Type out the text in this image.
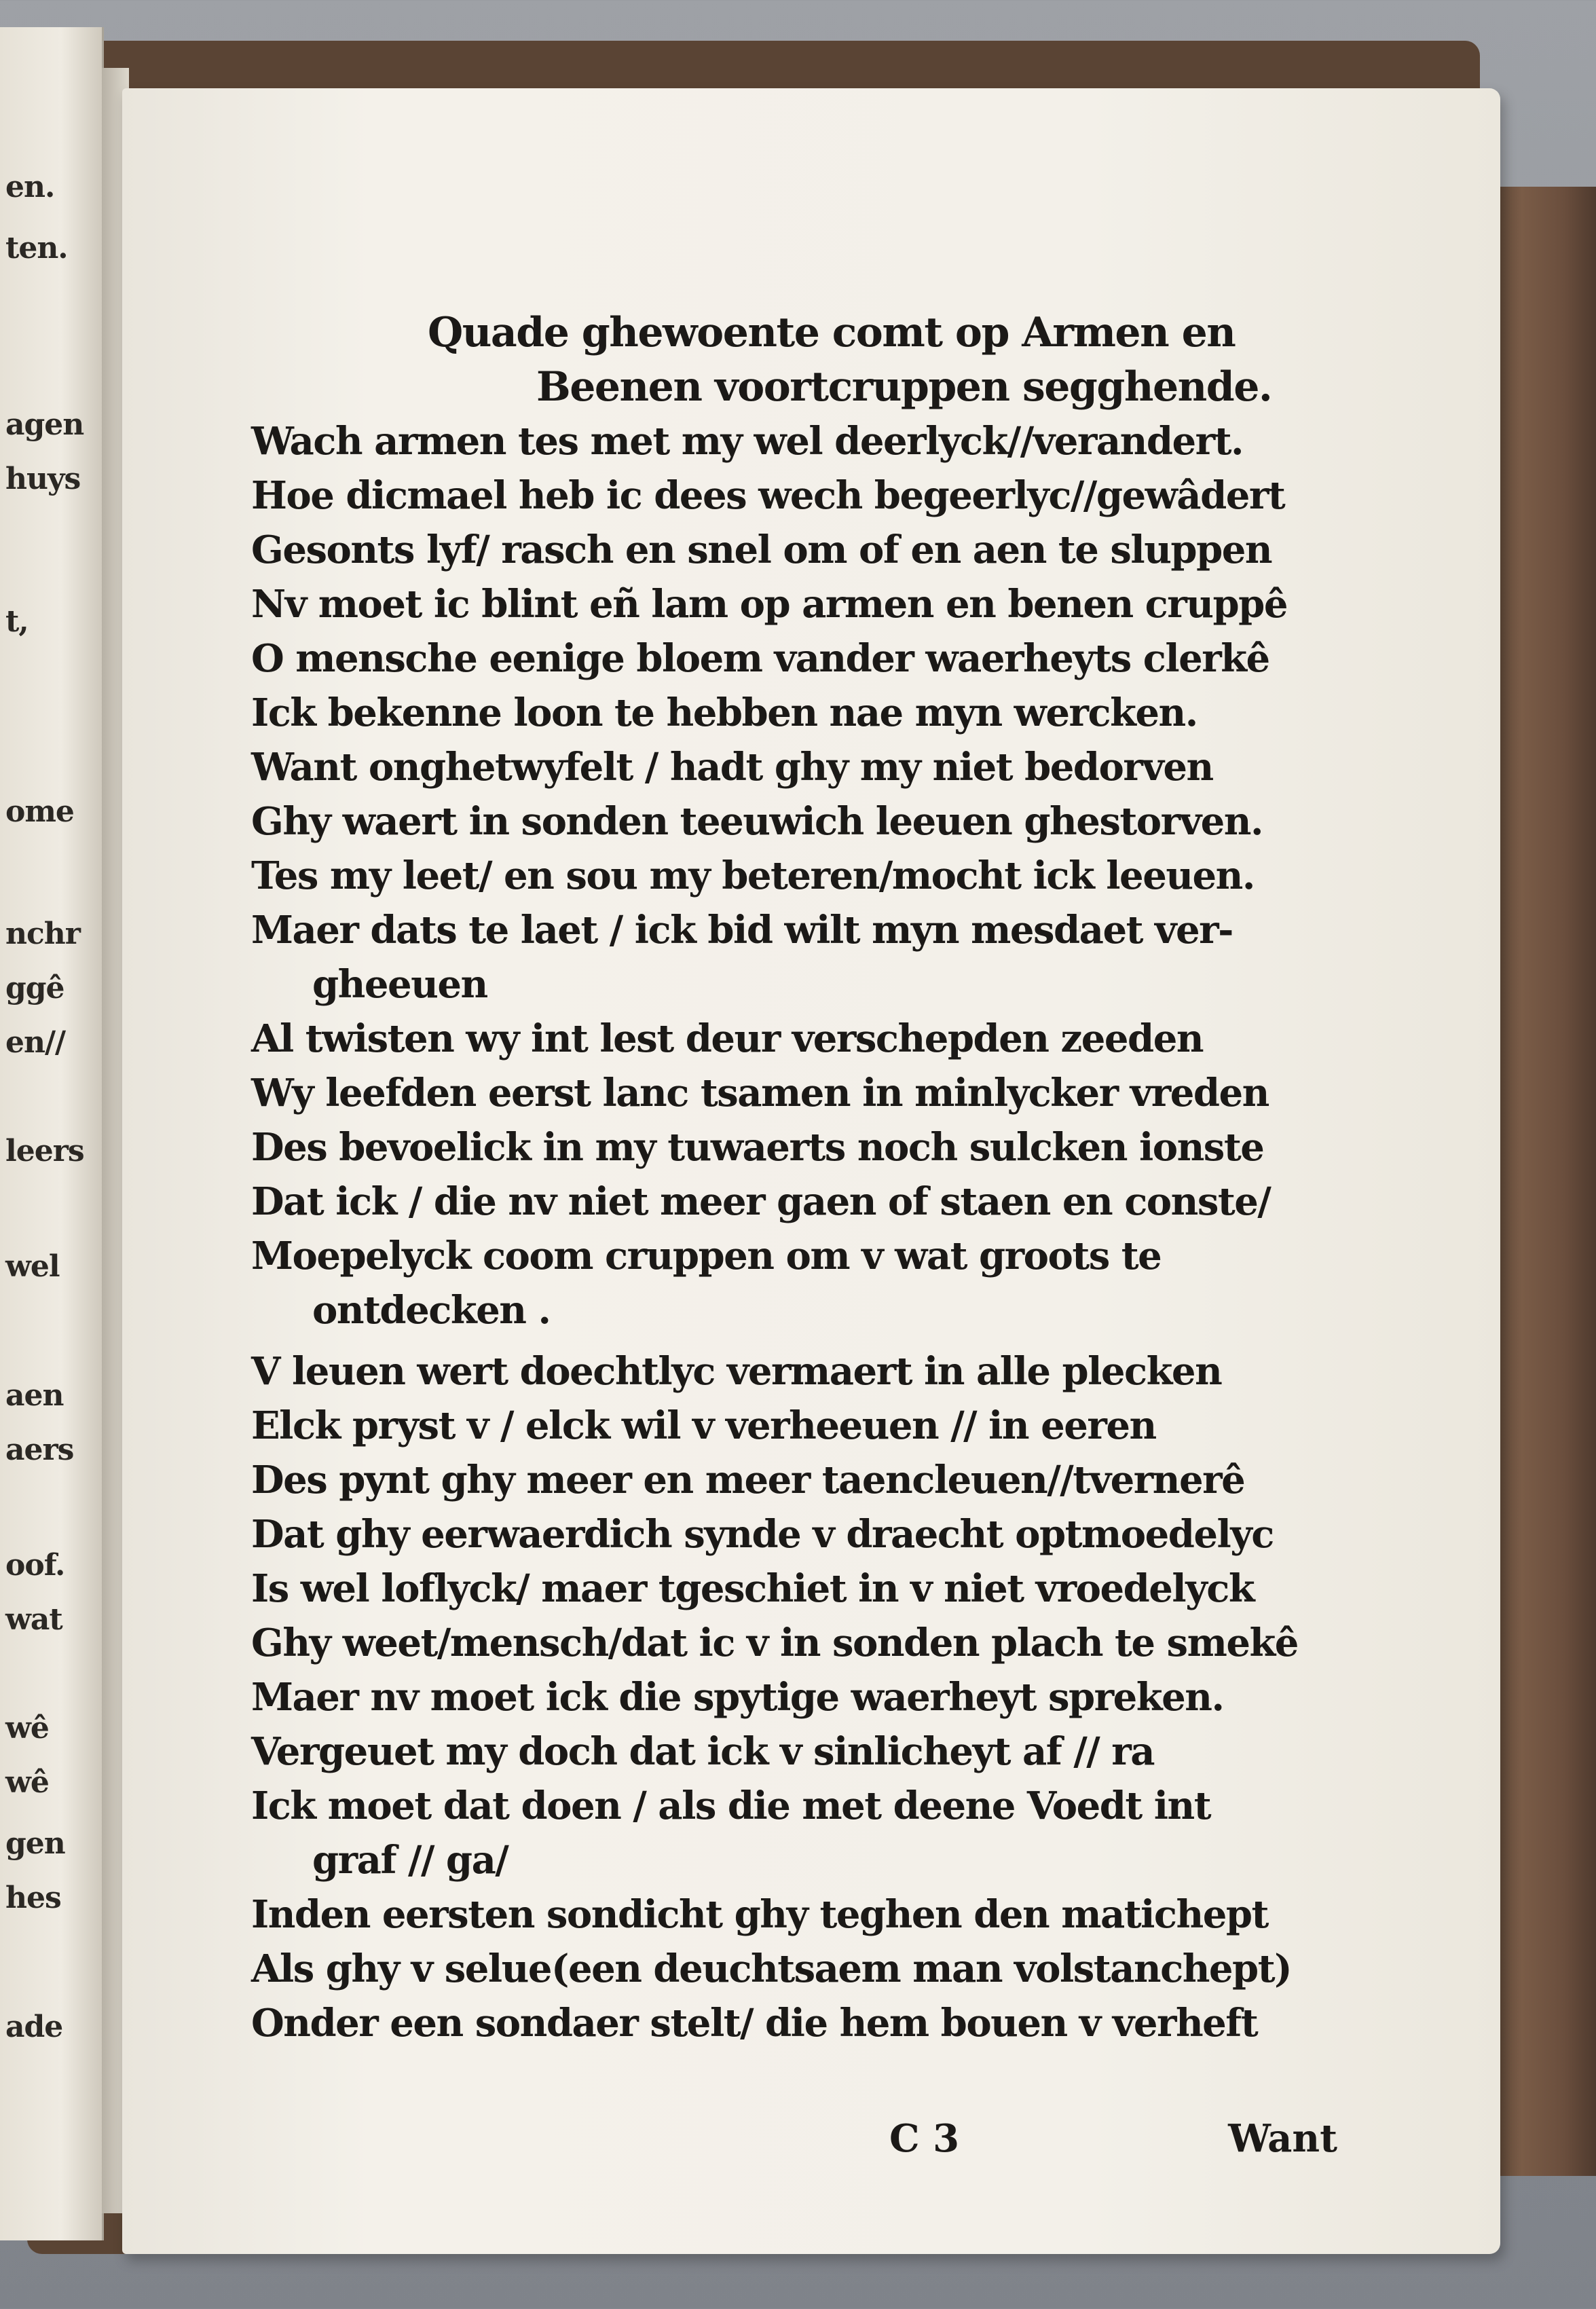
en.
ten.
agen
huys
t,
ome
nchr
ggê
en//
leers
wel
aen
aers
oof.
wat
wê
wê
gen
hes
ade
Quade ghewoente comt op Armen en
Beenen voortcruppen segghende.
Wach armen tes met my wel deerlyck//verandert.
Hoe dicmael heb ic dees wech begeerlyc//gewâdert
Gesonts lyf/ rasch en snel om of en aen te sluppen
Nv moet ic blint eñ lam op armen en benen cruppê
O mensche eenige bloem vander waerheyts clerkê
Ick bekenne loon te hebben nae myn wercken.
Want onghetwyfelt / hadt ghy my niet bedorven
Ghy waert in sonden teeuwich leeuen ghestorven.
Tes my leet/ en sou my beteren/mocht ick leeuen.
Maer dats te laet / ick bid wilt myn mesdaet ver-
gheeuen
Al twisten wy int lest deur verschepden zeeden
Wy leefden eerst lanc tsamen in minlycker vreden
Des bevoelick in my tuwaerts noch sulcken ionste
Dat ick / die nv niet meer gaen of staen en conste/
Moepelyck coom cruppen om v wat groots te
ontdecken .
V leuen wert doechtlyc vermaert in alle plecken
Elck pryst v / elck wil v verheeuen // in eeren
Des pynt ghy meer en meer taencleuen//tvernerê
Dat ghy eerwaerdich synde v draecht optmoedelyc
Is wel loflyck/ maer tgeschiet in v niet vroedelyck
Ghy weet/mensch/dat ic v in sonden plach te smekê
Maer nv moet ick die spytige waerheyt spreken.
Vergeuet my doch dat ick v sinlicheyt af // ra
Ick moet dat doen / als die met deene Voedt int
graf // ga/
Inden eersten sondicht ghy teghen den matichept
Als ghy v selue(een deuchtsaem man volstanchept)
Onder een sondaer stelt/ die hem bouen v verheft
C 3	Want
